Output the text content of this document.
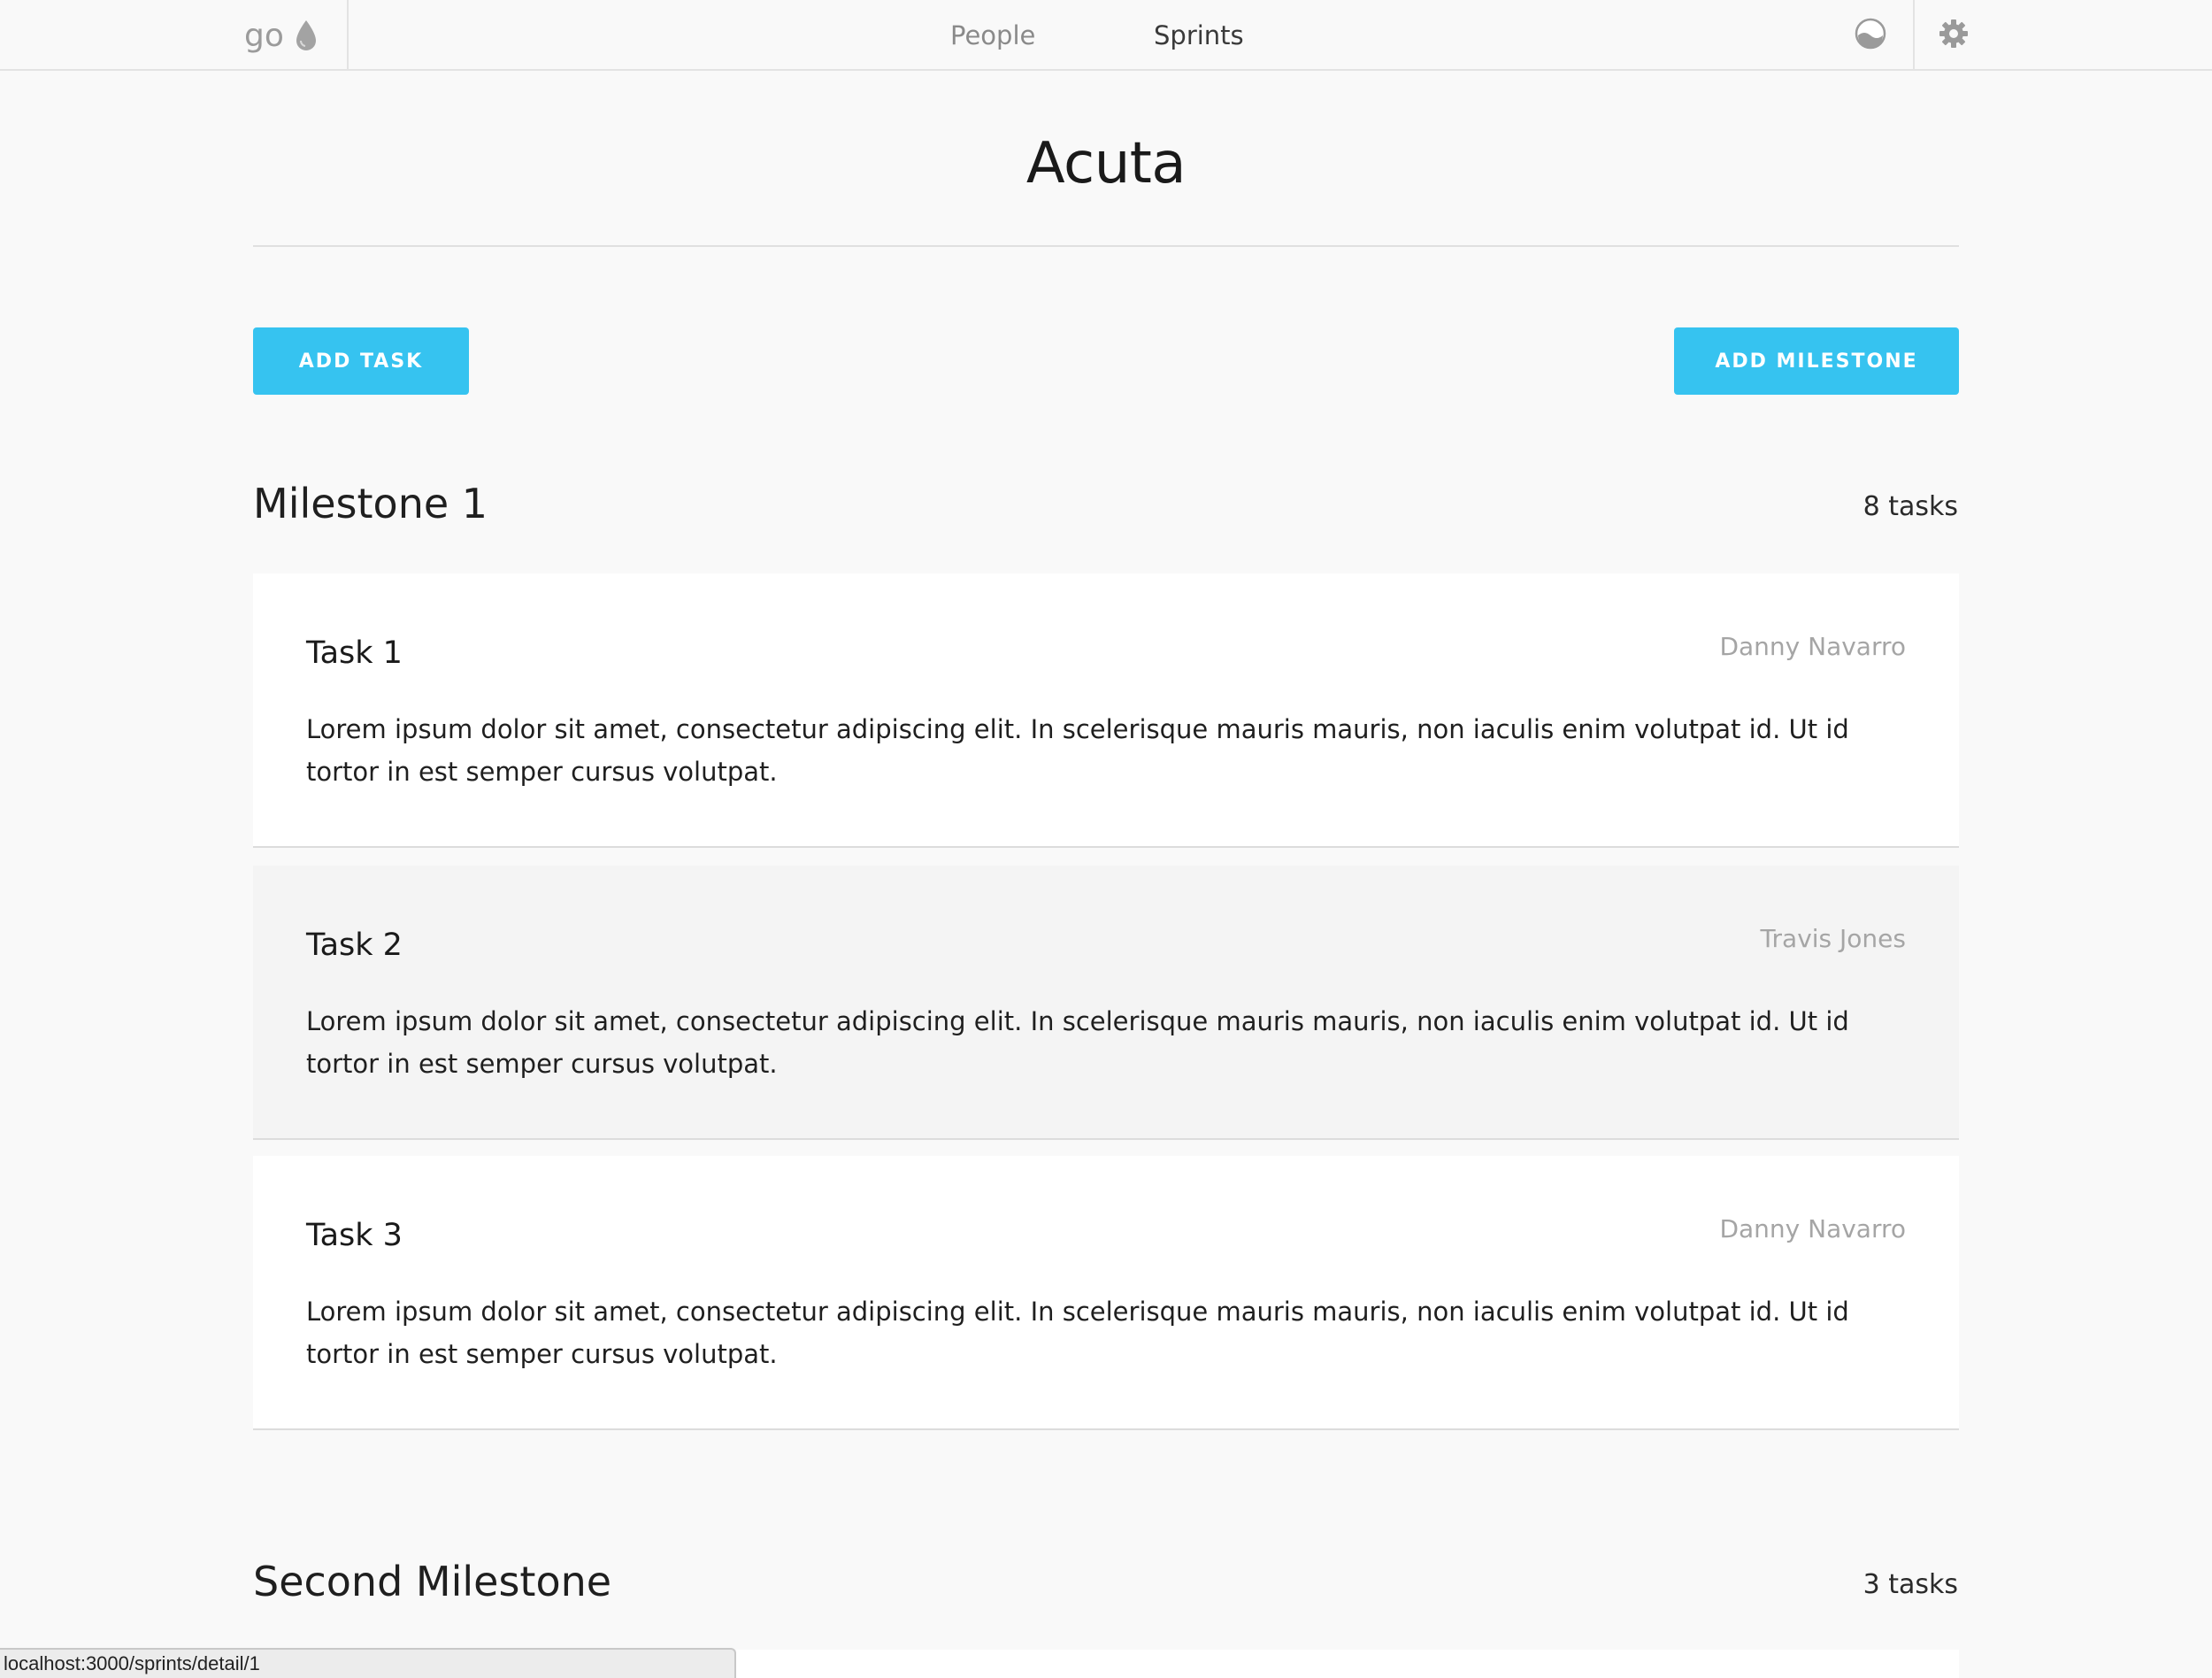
go	People	Sprints
Acuta
ADD TASK	ADD MILESTONE
Milestone 1	8 tasks
Task 1	Danny Navarro
Lorem ipsum dolor sit amet, consectetur adipiscing elit. In scelerisque mauris mauris, non iaculis enim volutpat id. Ut id tortor in est semper cursus volutpat.
Task 2	Travis Jones
Lorem ipsum dolor sit amet, consectetur adipiscing elit. In scelerisque mauris mauris, non iaculis enim volutpat id. Ut id tortor in est semper cursus volutpat.
Task 3	Danny Navarro
Lorem ipsum dolor sit amet, consectetur adipiscing elit. In scelerisque mauris mauris, non iaculis enim volutpat id. Ut id tortor in est semper cursus volutpat.
Second Milestone	3 tasks
localhost:3000/sprints/detail/1
